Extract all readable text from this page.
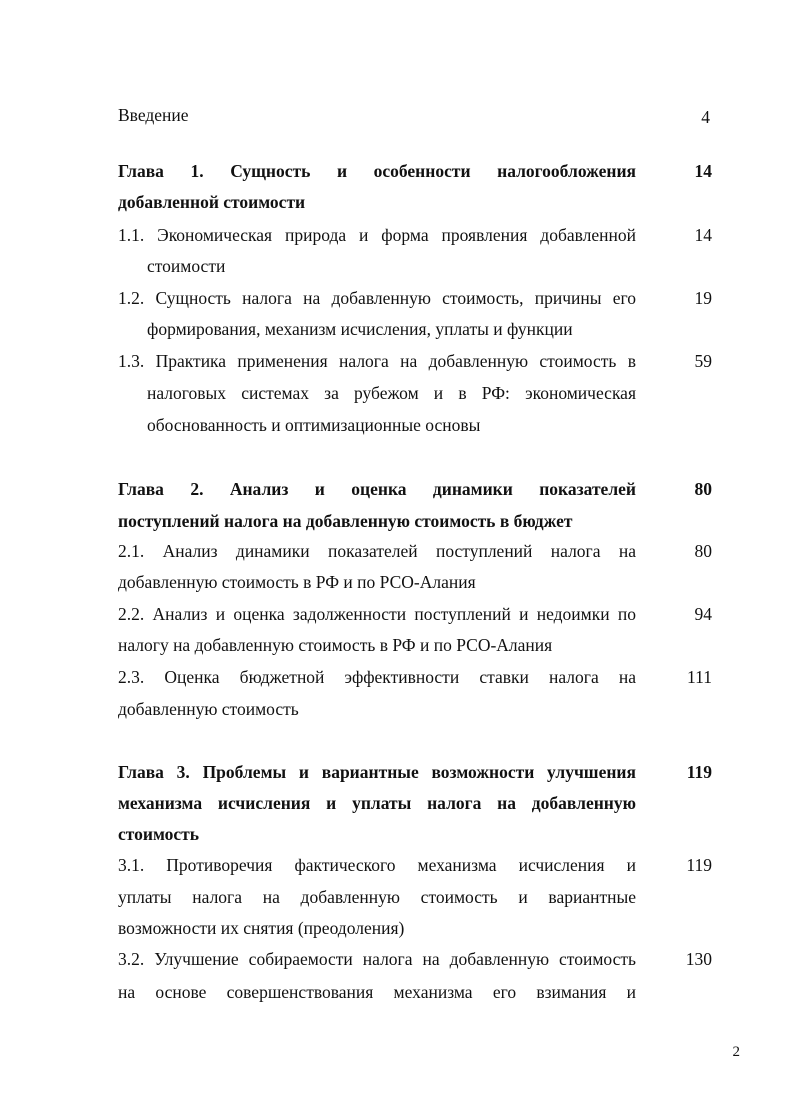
Введение	4
Глава 1. Сущность и особенности налогообложения	14
добавленной стоимости
1.1. Экономическая природа и форма проявления добавленной	14
стоимости
1.2. Сущность налога на добавленную стоимость, причины его	19
формирования, механизм исчисления, уплаты и функции
1.3. Практика применения налога на добавленную стоимость в	59
налоговых системах за рубежом и в РФ: экономическая
обоснованность и оптимизационные основы
Глава 2. Анализ и оценка динамики показателей	80
поступлений налога на добавленную стоимость в бюджет
2.1. Анализ динамики показателей поступлений налога на	80
добавленную стоимость в РФ и по РСО-Алания
2.2. Анализ и оценка задолженности поступлений и недоимки по	94
налогу на добавленную стоимость в РФ и по РСО-Алания
2.3. Оценка бюджетной эффективности ставки налога на	111
добавленную стоимость
Глава 3. Проблемы и вариантные возможности улучшения	119
механизма исчисления и уплаты налога на добавленную
стоимость
3.1. Противоречия фактического механизма исчисления и	119
уплаты налога на добавленную стоимость и вариантные
возможности их снятия (преодоления)
3.2. Улучшение собираемости налога на добавленную стоимость	130
на основе совершенствования механизма его взимания и
2
